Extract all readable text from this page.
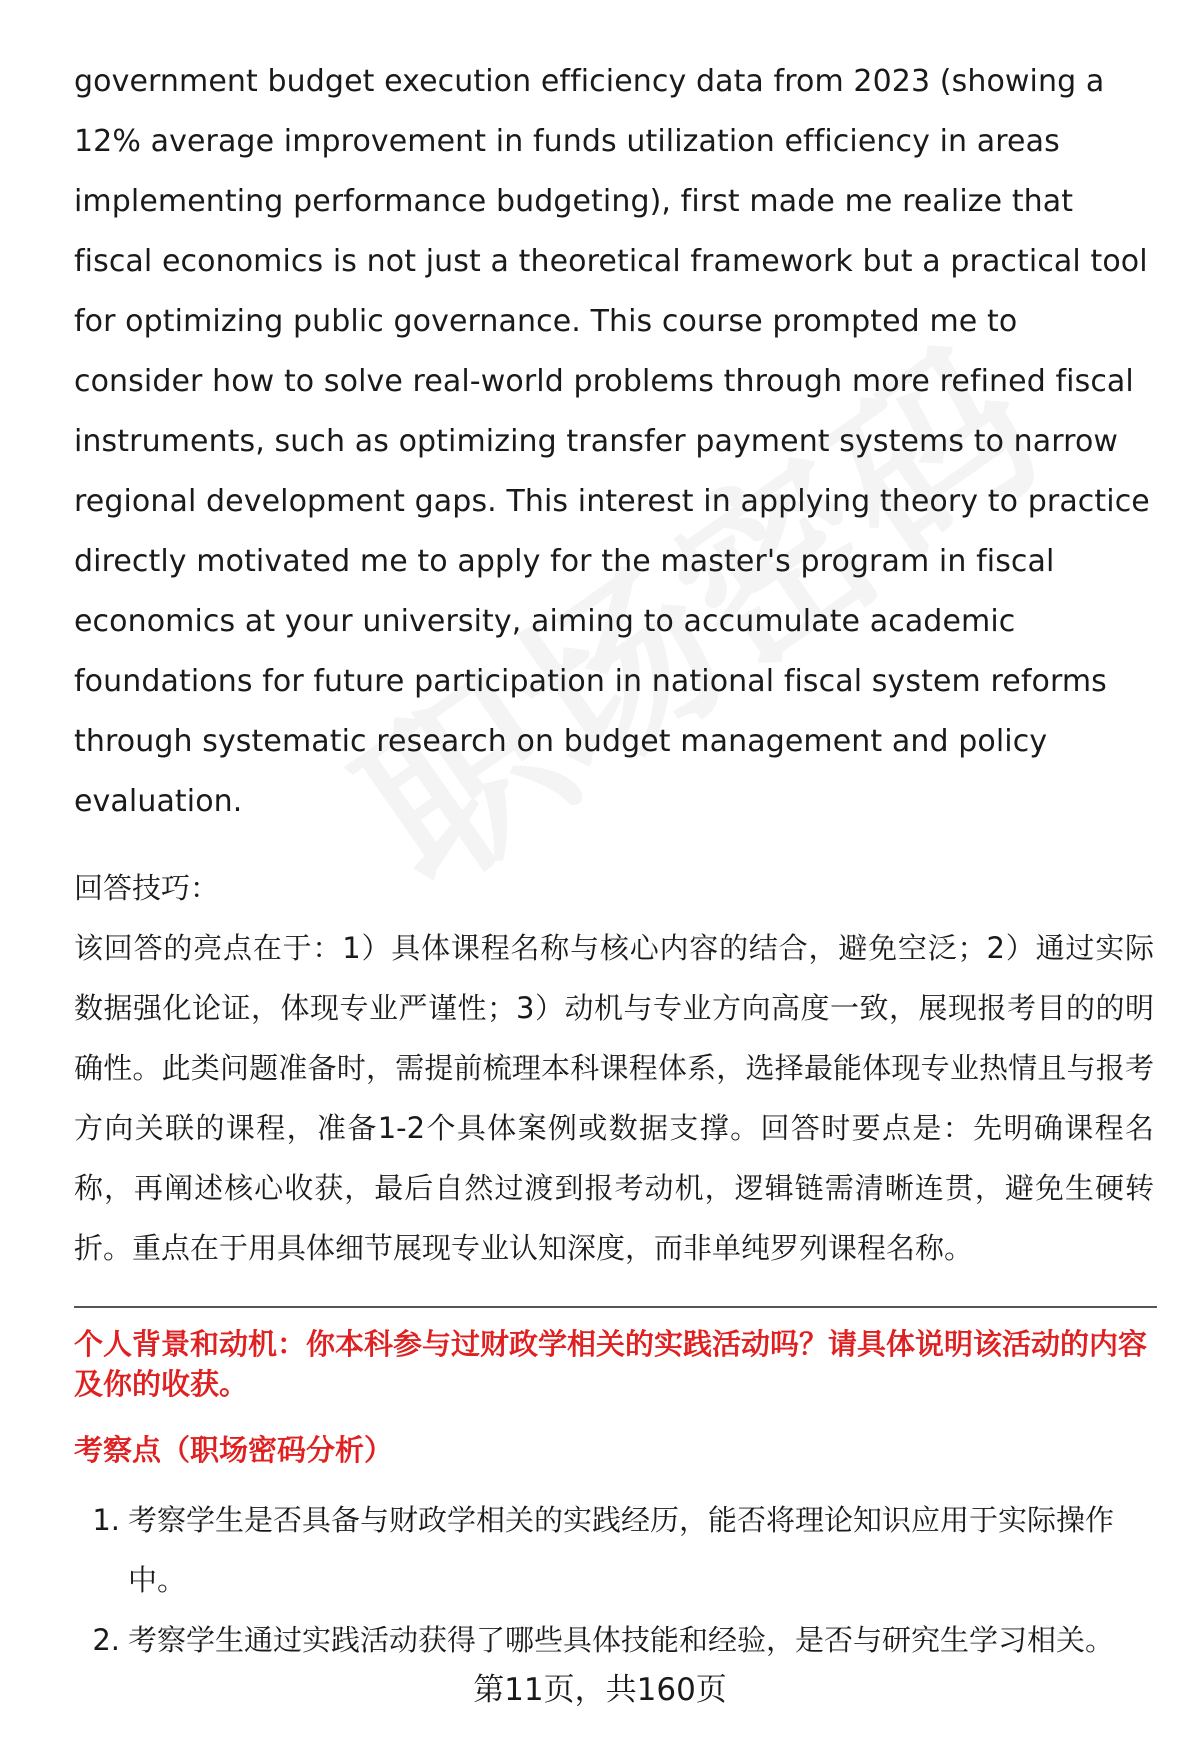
government budget execution efficiency data from 2023 (showing a 12% average improvement in funds utilization efficiency in areas implementing performance budgeting), first made me realize that fiscal economics is not just a theoretical framework but a practical tool for optimizing public governance. This course prompted me to consider how to solve real-world problems through more refined fiscal instruments, such as optimizing transfer payment systems to narrow regional development gaps. This interest in applying theory to practice directly motivated me to apply for the master's program in fiscal economics at your university, aiming to accumulate academic foundations for future participation in national fiscal system reforms through systematic research on budget management and policy evaluation.

回答技巧：

该回答的亮点在于：1）具体课程名称与核心内容的结合，避免空泛；2）通过实际数据强化论证，体现专业严谨性；3）动机与专业方向高度一致，展现报考目的的明确性。此类问题准备时，需提前梳理本科课程体系，选择最能体现专业热情且与报考方向关联的课程，准备1-2个具体案例或数据支撑。回答时要点是：先明确课程名称，再阐述核心收获，最后自然过渡到报考动机，逻辑链需清晰连贯，避免生硬转折。重点在于用具体细节展现专业认知深度，而非单纯罗列课程名称。

个人背景和动机：你本科参与过财政学相关的实践活动吗？请具体说明该活动的内容及你的收获。

考察点（职场密码分析）

1. 考察学生是否具备与财政学相关的实践经历，能否将理论知识应用于实际操作中。
2. 考察学生通过实践活动获得了哪些具体技能和经验，是否与研究生学习相关。
第11页，共160页
